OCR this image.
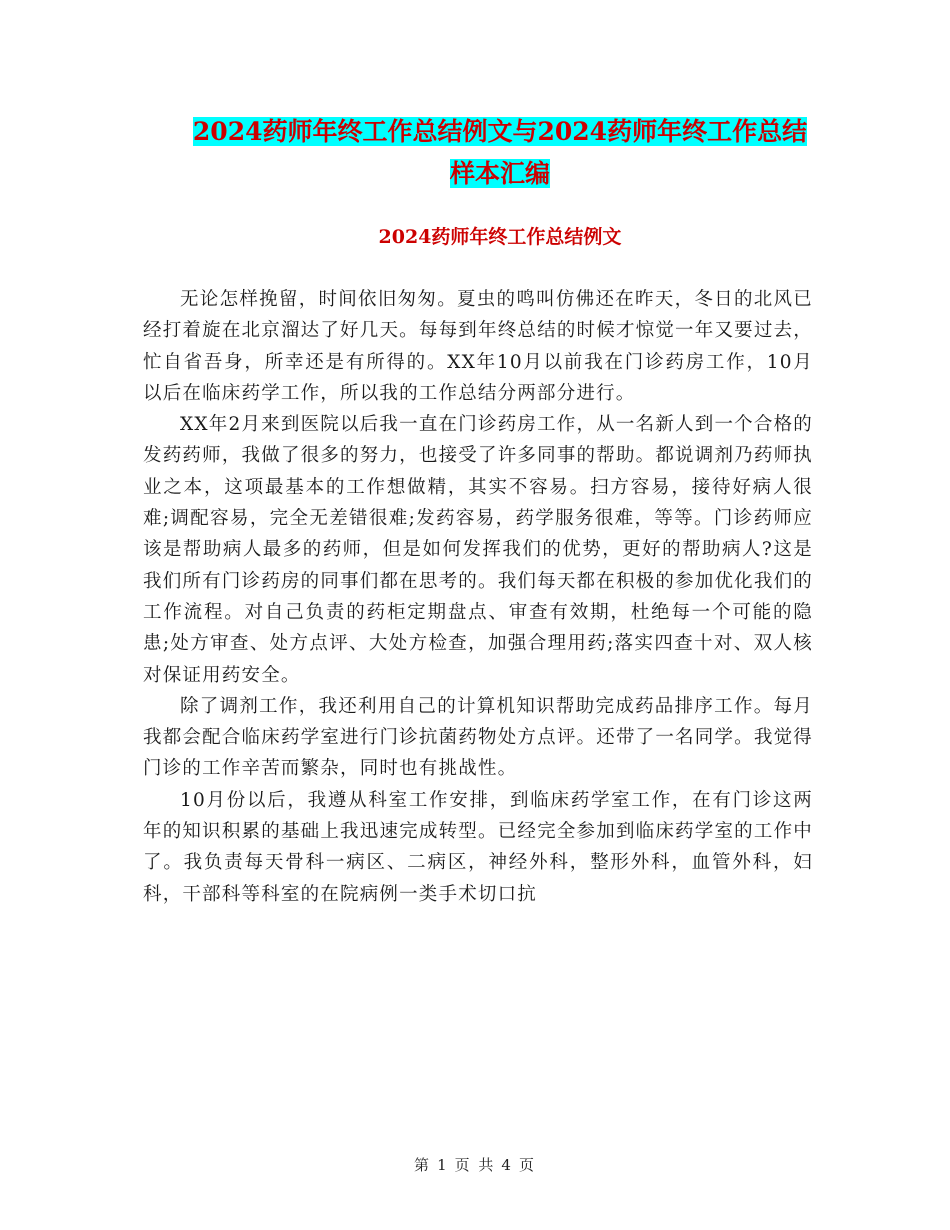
2024药师年终工作总结例文与2024药师年终工作总结
样本汇编
2024药师年终工作总结例文

无论怎样挽留，时间依旧匆匆。夏虫的鸣叫仿佛还在昨天，冬日的北风已经打着旋在北京溜达了好几天。每每到年终总结的时候才惊觉一年又要过去，忙自省吾身，所幸还是有所得的。XX年10月以前我在门诊药房工作，10月以后在临床药学工作，所以我的工作总结分两部分进行。

XX年2月来到医院以后我一直在门诊药房工作，从一名新人到一个合格的发药药师，我做了很多的努力，也接受了许多同事的帮助。都说调剂乃药师执业之本，这项最基本的工作想做精，其实不容易。扫方容易，接待好病人很难;调配容易，完全无差错很难;发药容易，药学服务很难，等等。门诊药师应该是帮助病人最多的药师，但是如何发挥我们的优势，更好的帮助病人?这是我们所有门诊药房的同事们都在思考的。我们每天都在积极的参加优化我们的工作流程。对自己负责的药柜定期盘点、审查有效期，杜绝每一个可能的隐患;处方审查、处方点评、大处方检查，加强合理用药;落实四查十对、双人核对保证用药安全。

除了调剂工作，我还利用自己的计算机知识帮助完成药品排序工作。每月我都会配合临床药学室进行门诊抗菌药物处方点评。还带了一名同学。我觉得门诊的工作辛苦而繁杂，同时也有挑战性。

10月份以后，我遵从科室工作安排，到临床药学室工作，在有门诊这两年的知识积累的基础上我迅速完成转型。已经完全参加到临床药学室的工作中了。我负责每天骨科一病区、二病区，神经外科，整形外科，血管外科，妇科，干部科等科室的在院病例一类手术切口抗

第 1 页 共 4 页
